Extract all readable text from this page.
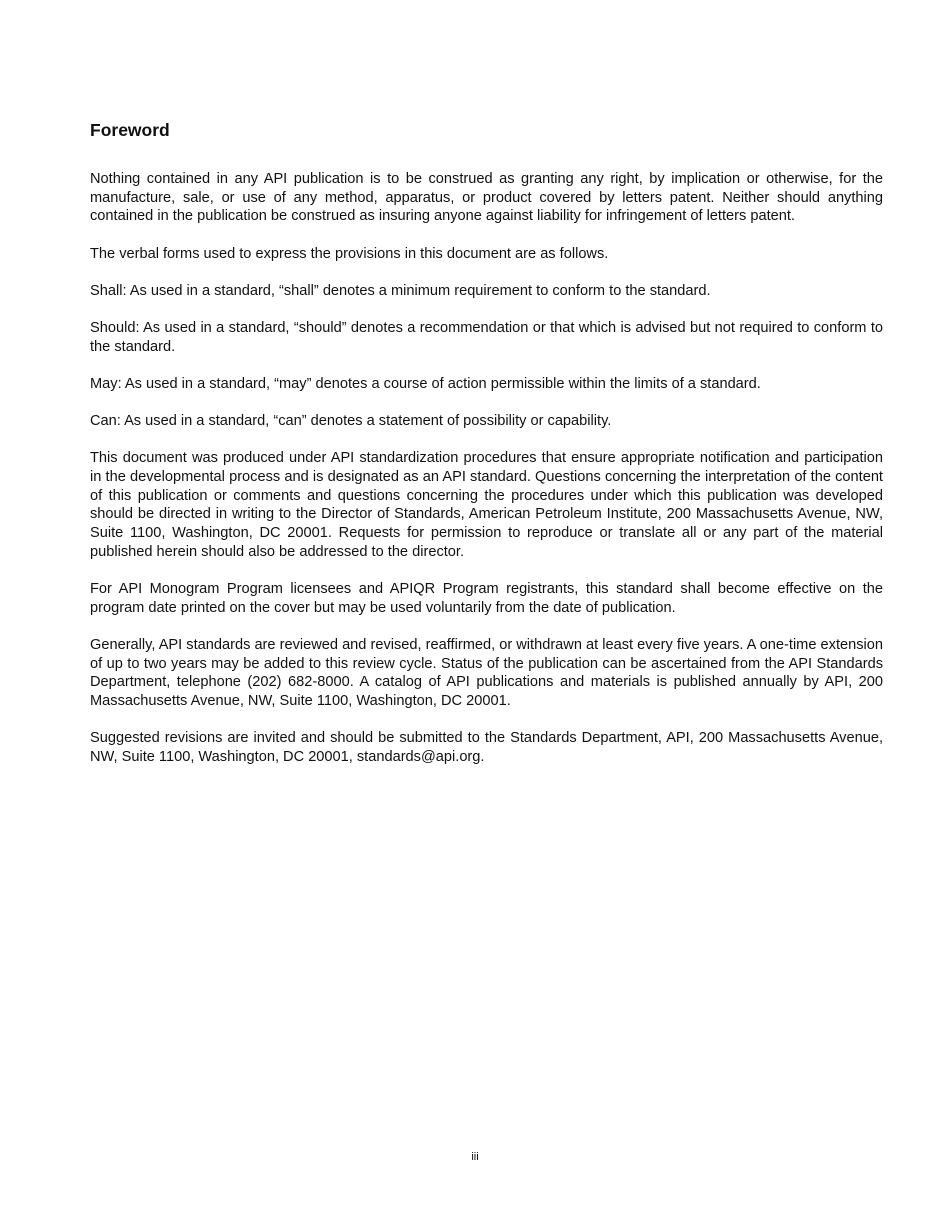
Foreword

Nothing contained in any API publication is to be construed as granting any right, by implication or otherwise, for the manufacture, sale, or use of any method, apparatus, or product covered by letters patent. Neither should anything contained in the publication be construed as insuring anyone against liability for infringement of letters patent.

The verbal forms used to express the provisions in this document are as follows.

Shall: As used in a standard, “shall” denotes a minimum requirement to conform to the standard.

Should: As used in a standard, “should” denotes a recommendation or that which is advised but not required to conform to the standard.

May: As used in a standard, “may” denotes a course of action permissible within the limits of a standard.

Can: As used in a standard, “can” denotes a statement of possibility or capability.

This document was produced under API standardization procedures that ensure appropriate notification and participation in the developmental process and is designated as an API standard. Questions concerning the interpretation of the content of this publication or comments and questions concerning the procedures under which this publication was developed should be directed in writing to the Director of Standards, American Petroleum Institute, 200 Massachusetts Avenue, NW, Suite 1100, Washington, DC 20001. Requests for permission to reproduce or translate all or any part of the material published herein should also be addressed to the director.

For API Monogram Program licensees and APIQR Program registrants, this standard shall become effective on the program date printed on the cover but may be used voluntarily from the date of publication.

Generally, API standards are reviewed and revised, reaffirmed, or withdrawn at least every five years. A one-time extension of up to two years may be added to this review cycle. Status of the publication can be ascertained from the API Standards Department, telephone (202) 682-8000. A catalog of API publications and materials is published annually by API, 200 Massachusetts Avenue, NW, Suite 1100, Washington, DC 20001.

Suggested revisions are invited and should be submitted to the Standards Department, API, 200 Massachusetts Avenue, NW, Suite 1100, Washington, DC 20001, standards@api.org.

iii
